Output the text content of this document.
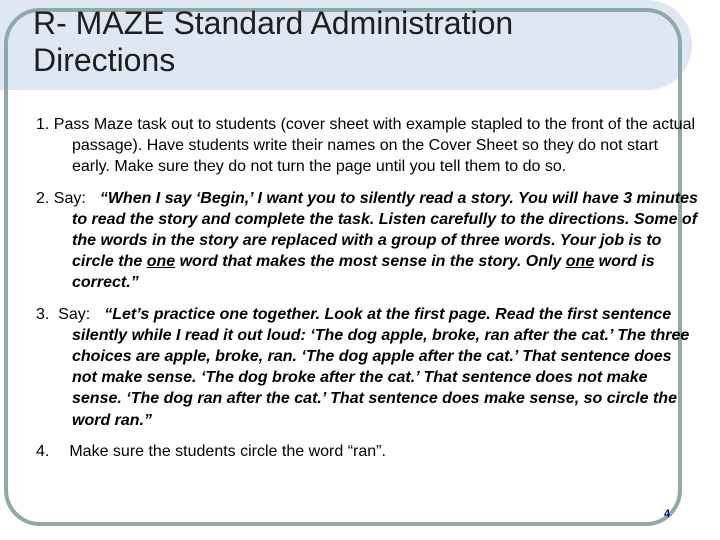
R- MAZE Standard Administration
Directions

1. Pass Maze task out to students (cover sheet with example stapled to the front of the actual passage). Have students write their names on the Cover Sheet so they do not start early. Make sure they do not turn the page until you tell them to do so.

2. Say: “When I say ‘Begin,’ I want you to silently read a story. You will have 3 minutes to read the story and complete the task. Listen carefully to the directions. Some of the words in the story are replaced with a group of three words. Your job is to circle the one word that makes the most sense in the story. Only one word is correct.”

3. Say: “Let’s practice one together. Look at the first page. Read the first sentence silently while I read it out loud: ‘The dog apple, broke, ran after the cat.’ The three choices are apple, broke, ran. ‘The dog apple after the cat.’ That sentence does not make sense. ‘The dog broke after the cat.’ That sentence does not make sense. ‘The dog ran after the cat.’ That sentence does make sense, so circle the word ran.”

4. Make sure the students circle the word “ran”.

4
